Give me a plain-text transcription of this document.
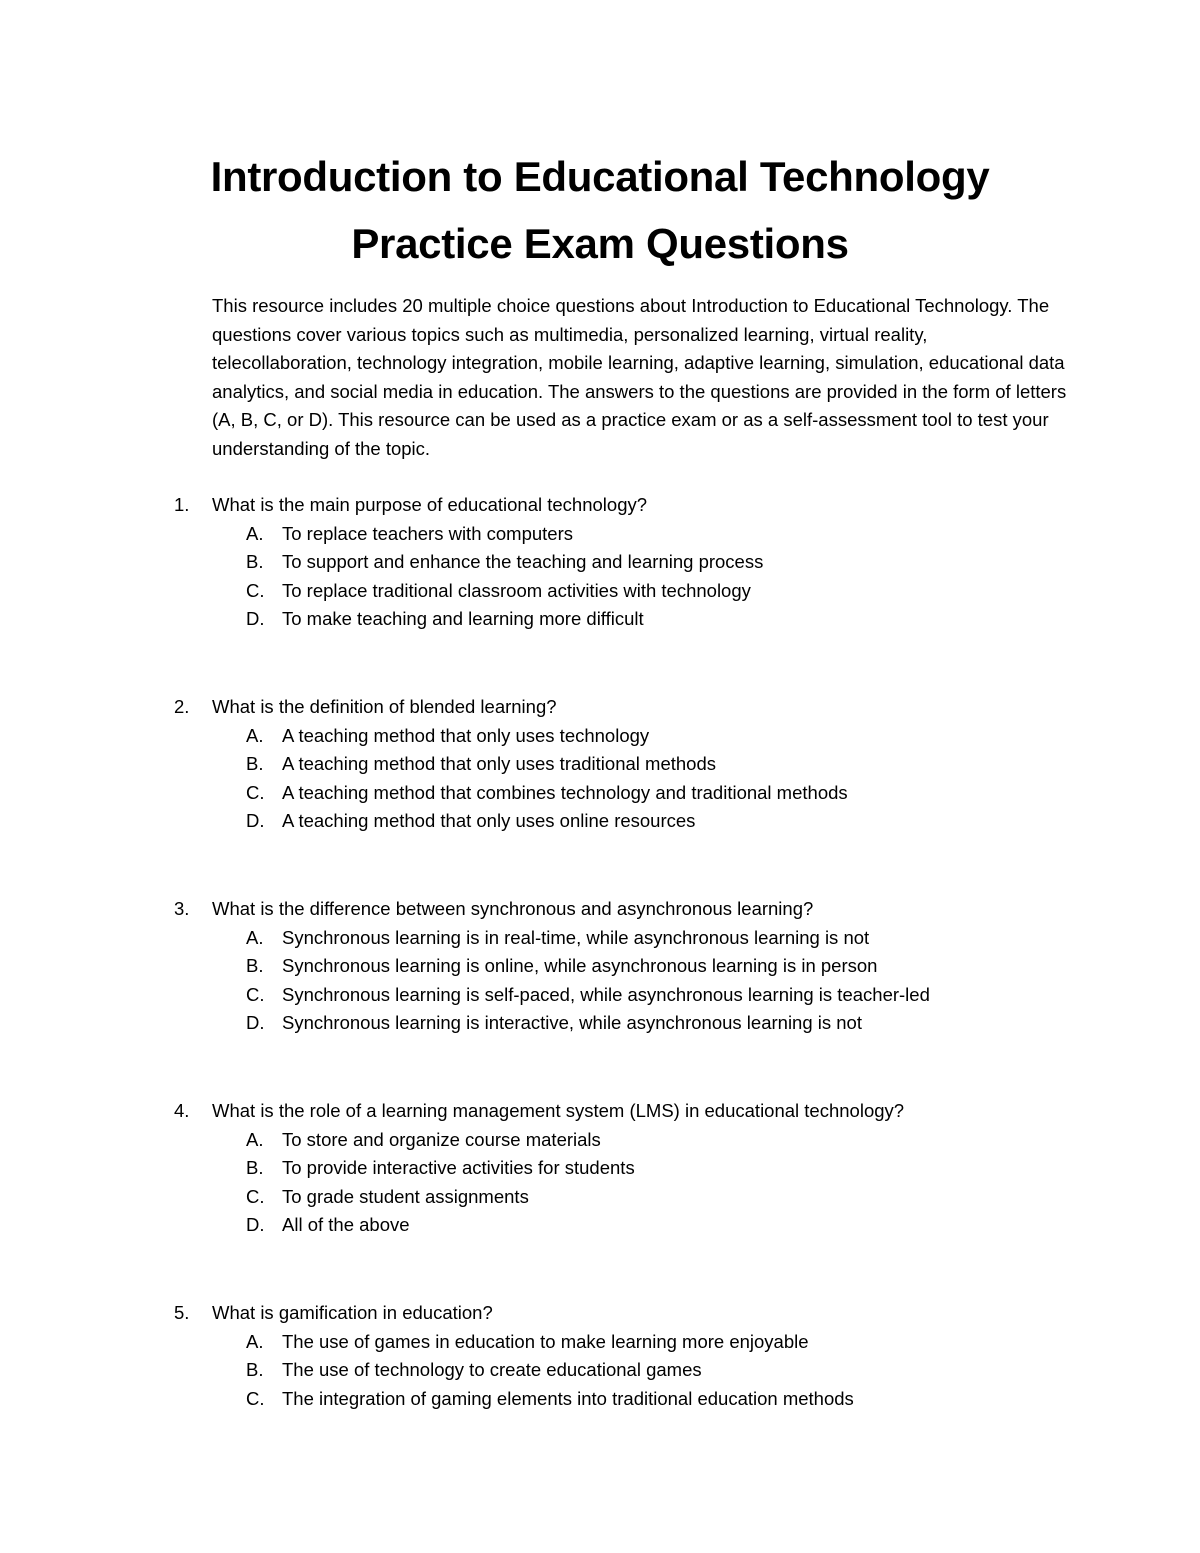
Introduction to Educational Technology
Practice Exam Questions
This resource includes 20 multiple choice questions about Introduction to Educational Technology. The questions cover various topics such as multimedia, personalized learning, virtual reality, telecollaboration, technology integration, mobile learning, adaptive learning, simulation, educational data analytics, and social media in education. The answers to the questions are provided in the form of letters (A, B, C, or D). This resource can be used as a practice exam or as a self-assessment tool to test your understanding of the topic.
1. What is the main purpose of educational technology?
A. To replace teachers with computers
B. To support and enhance the teaching and learning process
C. To replace traditional classroom activities with technology
D. To make teaching and learning more difficult
2. What is the definition of blended learning?
A. A teaching method that only uses technology
B. A teaching method that only uses traditional methods
C. A teaching method that combines technology and traditional methods
D. A teaching method that only uses online resources
3. What is the difference between synchronous and asynchronous learning?
A. Synchronous learning is in real-time, while asynchronous learning is not
B. Synchronous learning is online, while asynchronous learning is in person
C. Synchronous learning is self-paced, while asynchronous learning is teacher-led
D. Synchronous learning is interactive, while asynchronous learning is not
4. What is the role of a learning management system (LMS) in educational technology?
A. To store and organize course materials
B. To provide interactive activities for students
C. To grade student assignments
D. All of the above
5. What is gamification in education?
A. The use of games in education to make learning more enjoyable
B. The use of technology to create educational games
C. The integration of gaming elements into traditional education methods
